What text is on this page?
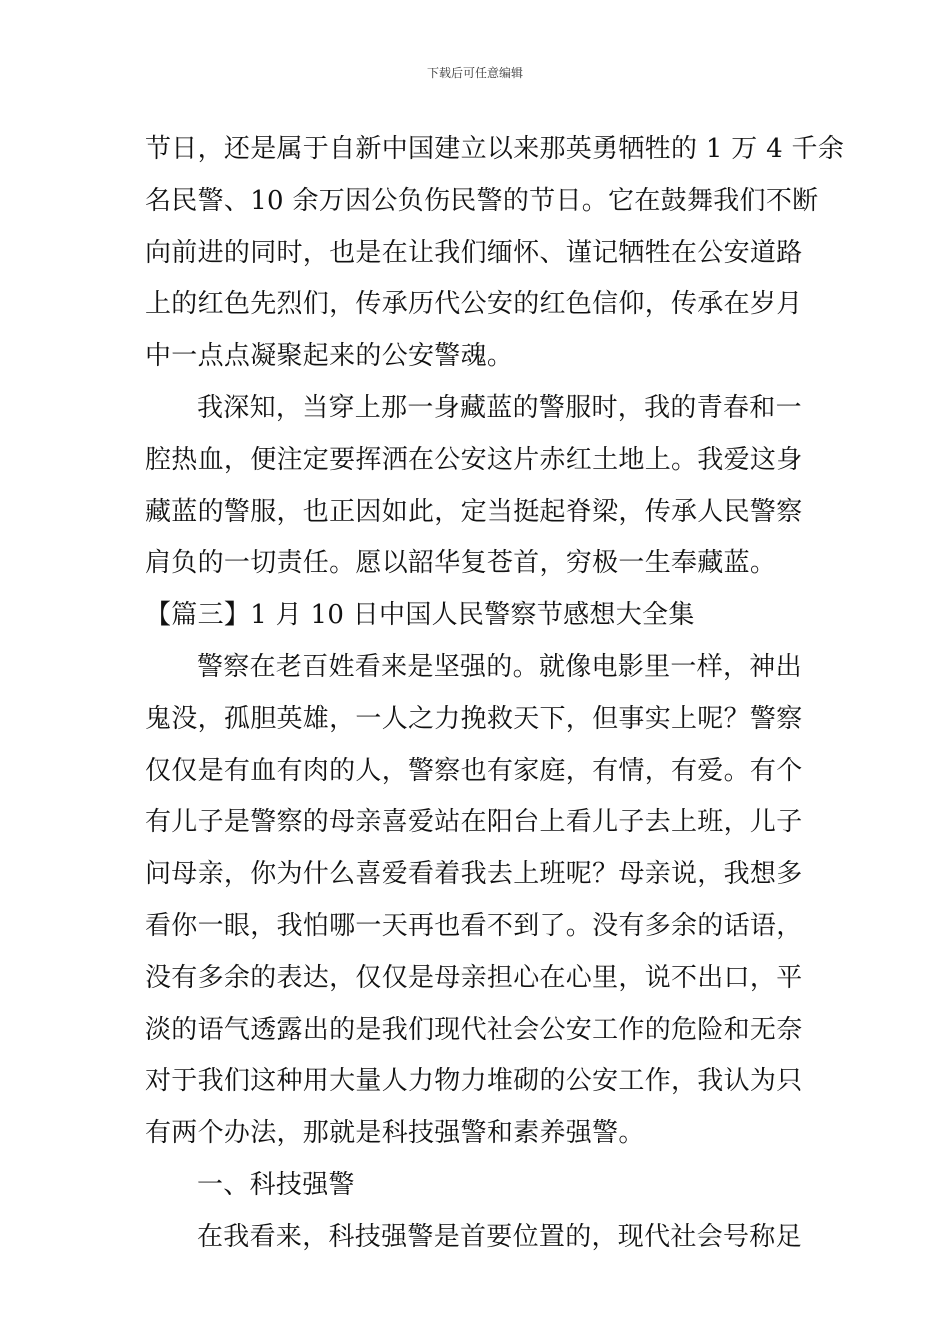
下载后可任意编辑
节日，还是属于自新中国建立以来那英勇牺牲的 1 万 4 千余
名民警、10 余万因公负伤民警的节日。它在鼓舞我们不断
向前进的同时，也是在让我们缅怀、谨记牺牲在公安道路
上的红色先烈们，传承历代公安的红色信仰，传承在岁月
中一点点凝聚起来的公安警魂。
我深知，当穿上那一身藏蓝的警服时，我的青春和一
腔热血，便注定要挥洒在公安这片赤红土地上。我爱这身
藏蓝的警服，也正因如此，定当挺起脊梁，传承人民警察
肩负的一切责任。愿以韶华复苍首，穷极一生奉藏蓝。
【篇三】1 月 10 日中国人民警察节感想大全集
警察在老百姓看来是坚强的。就像电影里一样，神出
鬼没，孤胆英雄，一人之力挽救天下，但事实上呢？警察
仅仅是有血有肉的人，警察也有家庭，有情，有爱。有个
有儿子是警察的母亲喜爱站在阳台上看儿子去上班，儿子
问母亲，你为什么喜爱看着我去上班呢？母亲说，我想多
看你一眼，我怕哪一天再也看不到了。没有多余的话语，
没有多余的表达，仅仅是母亲担心在心里，说不出口，平
淡的语气透露出的是我们现代社会公安工作的危险和无奈
对于我们这种用大量人力物力堆砌的公安工作，我认为只
有两个办法，那就是科技强警和素养强警。
一、科技强警
在我看来，科技强警是首要位置的，现代社会号称足
